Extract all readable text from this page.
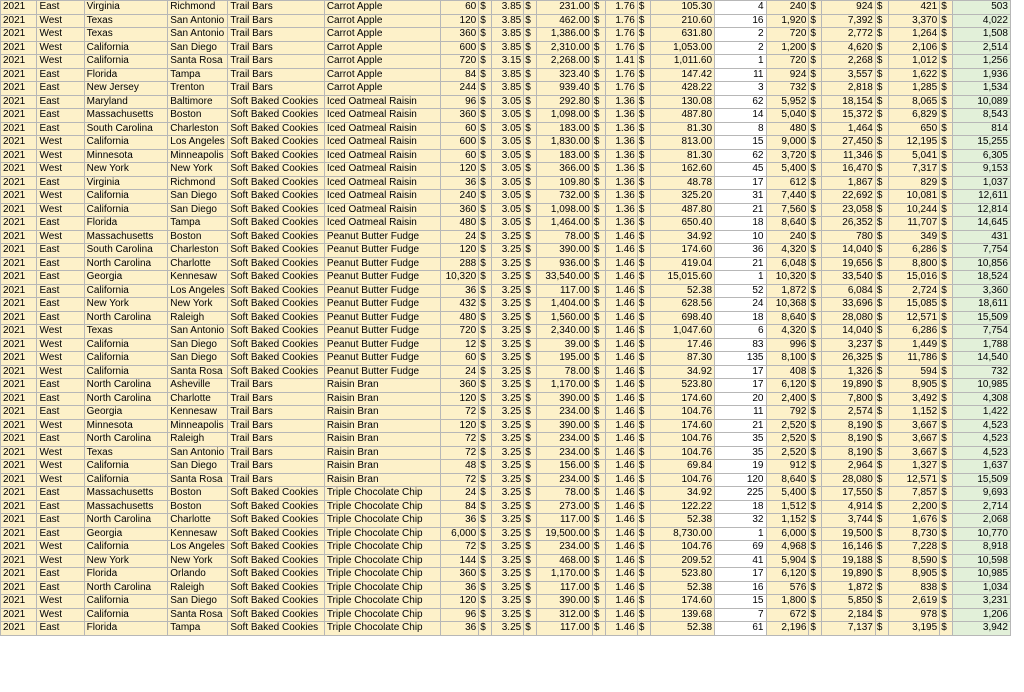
2021	East	Virginia	Richmond	Trail Bars	Carrot Apple	60	$	3.85	$	231.00	$	1.76	$	105.30	4	240	$	924	$	421	$	503
2021	West	Texas	San Antonio	Trail Bars	Carrot Apple	120	$	3.85	$	462.00	$	1.76	$	210.60	16	1,920	$	7,392	$	3,370	$	4,022
2021	West	Texas	San Antonio	Trail Bars	Carrot Apple	360	$	3.85	$	1,386.00	$	1.76	$	631.80	2	720	$	2,772	$	1,264	$	1,508
2021	West	California	San Diego	Trail Bars	Carrot Apple	600	$	3.85	$	2,310.00	$	1.76	$	1,053.00	2	1,200	$	4,620	$	2,106	$	2,514
2021	West	California	Santa Rosa	Trail Bars	Carrot Apple	720	$	3.15	$	2,268.00	$	1.41	$	1,011.60	1	720	$	2,268	$	1,012	$	1,256
2021	East	Florida	Tampa	Trail Bars	Carrot Apple	84	$	3.85	$	323.40	$	1.76	$	147.42	11	924	$	3,557	$	1,622	$	1,936
2021	East	New Jersey	Trenton	Trail Bars	Carrot Apple	244	$	3.85	$	939.40	$	1.76	$	428.22	3	732	$	2,818	$	1,285	$	1,534
2021	East	Maryland	Baltimore	Soft Baked Cookies	Iced Oatmeal Raisin	96	$	3.05	$	292.80	$	1.36	$	130.08	62	5,952	$	18,154	$	8,065	$	10,089
2021	East	Massachusetts	Boston	Soft Baked Cookies	Iced Oatmeal Raisin	360	$	3.05	$	1,098.00	$	1.36	$	487.80	14	5,040	$	15,372	$	6,829	$	8,543
2021	East	South Carolina	Charleston	Soft Baked Cookies	Iced Oatmeal Raisin	60	$	3.05	$	183.00	$	1.36	$	81.30	8	480	$	1,464	$	650	$	814
2021	West	California	Los Angeles	Soft Baked Cookies	Iced Oatmeal Raisin	600	$	3.05	$	1,830.00	$	1.36	$	813.00	15	9,000	$	27,450	$	12,195	$	15,255
2021	West	Minnesota	Minneapolis	Soft Baked Cookies	Iced Oatmeal Raisin	60	$	3.05	$	183.00	$	1.36	$	81.30	62	3,720	$	11,346	$	5,041	$	6,305
2021	West	New York	New York	Soft Baked Cookies	Iced Oatmeal Raisin	120	$	3.05	$	366.00	$	1.36	$	162.60	45	5,400	$	16,470	$	7,317	$	9,153
2021	East	Virginia	Richmond	Soft Baked Cookies	Iced Oatmeal Raisin	36	$	3.05	$	109.80	$	1.36	$	48.78	17	612	$	1,867	$	829	$	1,037
2021	West	California	San Diego	Soft Baked Cookies	Iced Oatmeal Raisin	240	$	3.05	$	732.00	$	1.36	$	325.20	31	7,440	$	22,692	$	10,081	$	12,611
2021	West	California	San Diego	Soft Baked Cookies	Iced Oatmeal Raisin	360	$	3.05	$	1,098.00	$	1.36	$	487.80	21	7,560	$	23,058	$	10,244	$	12,814
2021	East	Florida	Tampa	Soft Baked Cookies	Iced Oatmeal Raisin	480	$	3.05	$	1,464.00	$	1.36	$	650.40	18	8,640	$	26,352	$	11,707	$	14,645
2021	West	Massachusetts	Boston	Soft Baked Cookies	Peanut Butter Fudge	24	$	3.25	$	78.00	$	1.46	$	34.92	10	240	$	780	$	349	$	431
2021	East	South Carolina	Charleston	Soft Baked Cookies	Peanut Butter Fudge	120	$	3.25	$	390.00	$	1.46	$	174.60	36	4,320	$	14,040	$	6,286	$	7,754
2021	East	North Carolina	Charlotte	Soft Baked Cookies	Peanut Butter Fudge	288	$	3.25	$	936.00	$	1.46	$	419.04	21	6,048	$	19,656	$	8,800	$	10,856
2021	East	Georgia	Kennesaw	Soft Baked Cookies	Peanut Butter Fudge	10,320	$	3.25	$	33,540.00	$	1.46	$	15,015.60	1	10,320	$	33,540	$	15,016	$	18,524
2021	East	California	Los Angeles	Soft Baked Cookies	Peanut Butter Fudge	36	$	3.25	$	117.00	$	1.46	$	52.38	52	1,872	$	6,084	$	2,724	$	3,360
2021	East	New York	New York	Soft Baked Cookies	Peanut Butter Fudge	432	$	3.25	$	1,404.00	$	1.46	$	628.56	24	10,368	$	33,696	$	15,085	$	18,611
2021	East	North Carolina	Raleigh	Soft Baked Cookies	Peanut Butter Fudge	480	$	3.25	$	1,560.00	$	1.46	$	698.40	18	8,640	$	28,080	$	12,571	$	15,509
2021	West	Texas	San Antonio	Soft Baked Cookies	Peanut Butter Fudge	720	$	3.25	$	2,340.00	$	1.46	$	1,047.60	6	4,320	$	14,040	$	6,286	$	7,754
2021	West	California	San Diego	Soft Baked Cookies	Peanut Butter Fudge	12	$	3.25	$	39.00	$	1.46	$	17.46	83	996	$	3,237	$	1,449	$	1,788
2021	West	California	San Diego	Soft Baked Cookies	Peanut Butter Fudge	60	$	3.25	$	195.00	$	1.46	$	87.30	135	8,100	$	26,325	$	11,786	$	14,540
2021	West	California	Santa Rosa	Soft Baked Cookies	Peanut Butter Fudge	24	$	3.25	$	78.00	$	1.46	$	34.92	17	408	$	1,326	$	594	$	732
2021	East	North Carolina	Asheville	Trail Bars	Raisin Bran	360	$	3.25	$	1,170.00	$	1.46	$	523.80	17	6,120	$	19,890	$	8,905	$	10,985
2021	East	North Carolina	Charlotte	Trail Bars	Raisin Bran	120	$	3.25	$	390.00	$	1.46	$	174.60	20	2,400	$	7,800	$	3,492	$	4,308
2021	East	Georgia	Kennesaw	Trail Bars	Raisin Bran	72	$	3.25	$	234.00	$	1.46	$	104.76	11	792	$	2,574	$	1,152	$	1,422
2021	West	Minnesota	Minneapolis	Trail Bars	Raisin Bran	120	$	3.25	$	390.00	$	1.46	$	174.60	21	2,520	$	8,190	$	3,667	$	4,523
2021	East	North Carolina	Raleigh	Trail Bars	Raisin Bran	72	$	3.25	$	234.00	$	1.46	$	104.76	35	2,520	$	8,190	$	3,667	$	4,523
2021	West	Texas	San Antonio	Trail Bars	Raisin Bran	72	$	3.25	$	234.00	$	1.46	$	104.76	35	2,520	$	8,190	$	3,667	$	4,523
2021	West	California	San Diego	Trail Bars	Raisin Bran	48	$	3.25	$	156.00	$	1.46	$	69.84	19	912	$	2,964	$	1,327	$	1,637
2021	West	California	Santa Rosa	Trail Bars	Raisin Bran	72	$	3.25	$	234.00	$	1.46	$	104.76	120	8,640	$	28,080	$	12,571	$	15,509
2021	East	Massachusetts	Boston	Soft Baked Cookies	Triple Chocolate Chip	24	$	3.25	$	78.00	$	1.46	$	34.92	225	5,400	$	17,550	$	7,857	$	9,693
2021	East	Massachusetts	Boston	Soft Baked Cookies	Triple Chocolate Chip	84	$	3.25	$	273.00	$	1.46	$	122.22	18	1,512	$	4,914	$	2,200	$	2,714
2021	East	North Carolina	Charlotte	Soft Baked Cookies	Triple Chocolate Chip	36	$	3.25	$	117.00	$	1.46	$	52.38	32	1,152	$	3,744	$	1,676	$	2,068
2021	East	Georgia	Kennesaw	Soft Baked Cookies	Triple Chocolate Chip	6,000	$	3.25	$	19,500.00	$	1.46	$	8,730.00	1	6,000	$	19,500	$	8,730	$	10,770
2021	West	California	Los Angeles	Soft Baked Cookies	Triple Chocolate Chip	72	$	3.25	$	234.00	$	1.46	$	104.76	69	4,968	$	16,146	$	7,228	$	8,918
2021	West	New York	New York	Soft Baked Cookies	Triple Chocolate Chip	144	$	3.25	$	468.00	$	1.46	$	209.52	41	5,904	$	19,188	$	8,590	$	10,598
2021	East	Florida	Orlando	Soft Baked Cookies	Triple Chocolate Chip	360	$	3.25	$	1,170.00	$	1.46	$	523.80	17	6,120	$	19,890	$	8,905	$	10,985
2021	East	North Carolina	Raleigh	Soft Baked Cookies	Triple Chocolate Chip	36	$	3.25	$	117.00	$	1.46	$	52.38	16	576	$	1,872	$	838	$	1,034
2021	West	California	San Diego	Soft Baked Cookies	Triple Chocolate Chip	120	$	3.25	$	390.00	$	1.46	$	174.60	15	1,800	$	5,850	$	2,619	$	3,231
2021	West	California	Santa Rosa	Soft Baked Cookies	Triple Chocolate Chip	96	$	3.25	$	312.00	$	1.46	$	139.68	7	672	$	2,184	$	978	$	1,206
2021	East	Florida	Tampa	Soft Baked Cookies	Triple Chocolate Chip	36	$	3.25	$	117.00	$	1.46	$	52.38	61	2,196	$	7,137	$	3,195	$	3,942
